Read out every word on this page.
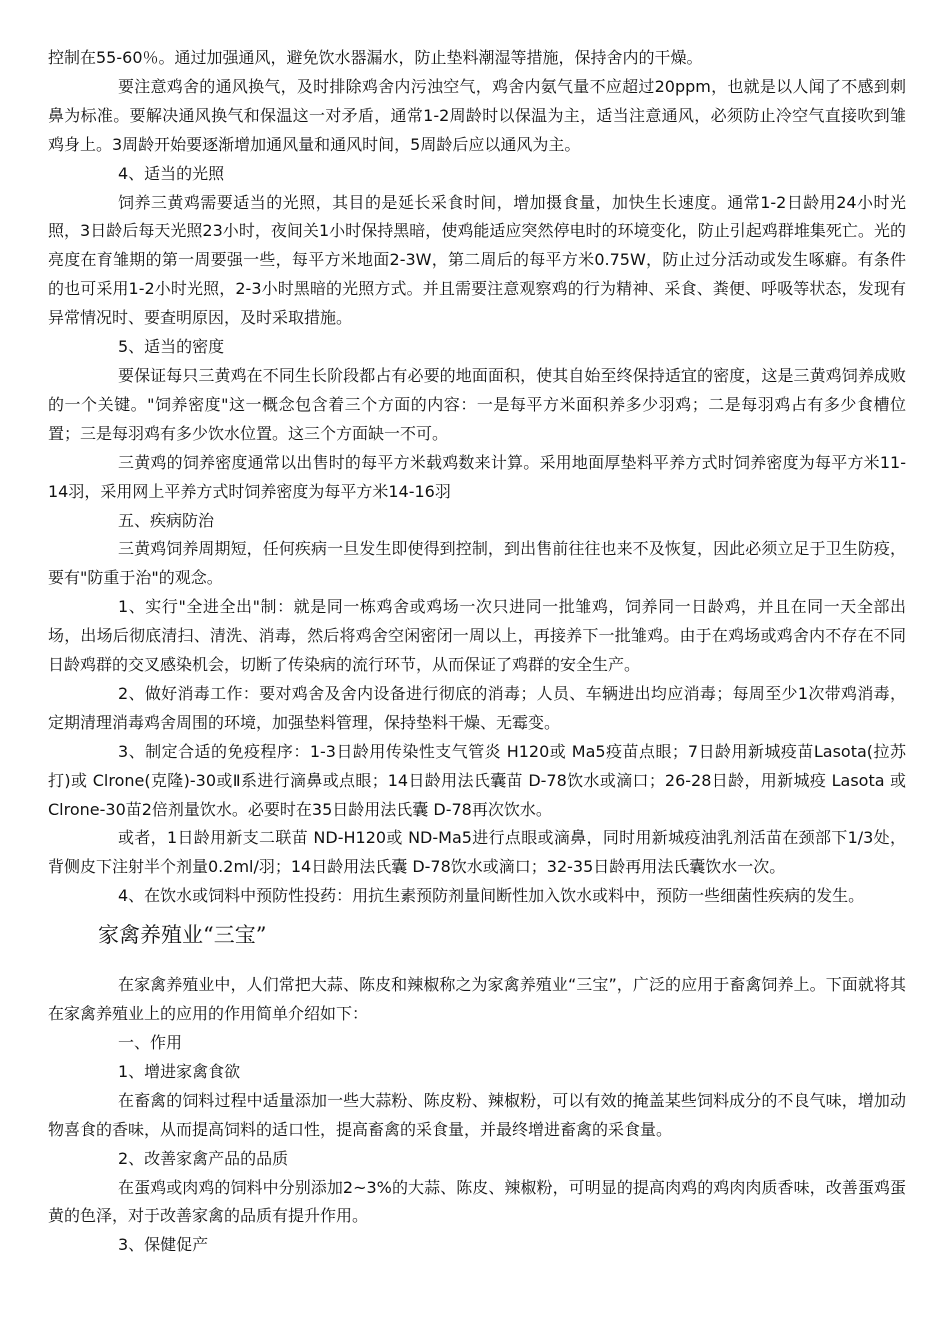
控制在55-60％。通过加强通风，避免饮水器漏水，防止垫料潮湿等措施，保持舍内的干燥。

要注意鸡舍的通风换气，及时排除鸡舍内污浊空气，鸡舍内氨气量不应超过20ppm，也就是以人闻了不感到刺鼻为标准。要解决通风换气和保温这一对矛盾，通常1-2周龄时以保温为主，适当注意通风，必须防止冷空气直接吹到雏鸡身上。3周龄开始要逐渐增加通风量和通风时间，5周龄后应以通风为主。

4、适当的光照

饲养三黄鸡需要适当的光照，其目的是延长采食时间，增加摄食量，加快生长速度。通常1-2日龄用24小时光照，3日龄后每天光照23小时，夜间关1小时保持黑暗，使鸡能适应突然停电时的环境变化，防止引起鸡群堆集死亡。光的亮度在育雏期的第一周要强一些，每平方米地面2-3W，第二周后的每平方米0.75W，防止过分活动或发生啄癖。有条件的也可采用1-2小时光照，2-3小时黑暗的光照方式。并且需要注意观察鸡的行为精神、采食、粪便、呼吸等状态，发现有异常情况时、要查明原因，及时采取措施。

5、适当的密度

要保证每只三黄鸡在不同生长阶段都占有必要的地面面积，使其自始至终保持适宜的密度，这是三黄鸡饲养成败的一个关键。"饲养密度"这一概念包含着三个方面的内容：一是每平方米面积养多少羽鸡；二是每羽鸡占有多少食槽位置；三是每羽鸡有多少饮水位置。这三个方面缺一不可。

三黄鸡的饲养密度通常以出售时的每平方米载鸡数来计算。采用地面厚垫料平养方式时饲养密度为每平方米11-14羽，采用网上平养方式时饲养密度为每平方米14-16羽

五、疾病防治

三黄鸡饲养周期短，任何疾病一旦发生即使得到控制，到出售前往往也来不及恢复，因此必须立足于卫生防疫，要有"防重于治"的观念。

1、实行"全进全出"制：就是同一栋鸡舍或鸡场一次只进同一批雏鸡，饲养同一日龄鸡，并且在同一天全部出场，出场后彻底清扫、清洗、消毒，然后将鸡舍空闲密闭一周以上，再接养下一批雏鸡。由于在鸡场或鸡舍内不存在不同日龄鸡群的交叉感染机会，切断了传染病的流行环节，从而保证了鸡群的安全生产。

2、做好消毒工作：要对鸡舍及舍内设备进行彻底的消毒；人员、车辆进出均应消毒；每周至少1次带鸡消毒，定期清理消毒鸡舍周围的环境，加强垫料管理，保持垫料干燥、无霉变。

3、制定合适的免疫程序：1-3日龄用传染性支气管炎 H120或 Ma5疫苗点眼；7日龄用新城疫苗Lasota(拉苏打)或 Clrone(克隆)-30或Ⅱ系进行滴鼻或点眼；14日龄用法氏囊苗 D-78饮水或滴口；26-28日龄，用新城疫 Lasota 或 Clrone-30苗2倍剂量饮水。必要时在35日龄用法氏囊 D-78再次饮水。

或者，1日龄用新支二联苗 ND-H120或 ND-Ma5进行点眼或滴鼻，同时用新城疫油乳剂活苗在颈部下1/3处，背侧皮下注射半个剂量0.2ml/羽；14日龄用法氏囊 D-78饮水或滴口；32-35日龄再用法氏囊饮水一次。

4、在饮水或饲料中预防性投药：用抗生素预防剂量间断性加入饮水或料中，预防一些细菌性疾病的发生。

家禽养殖业“三宝”

在家禽养殖业中，人们常把大蒜、陈皮和辣椒称之为家禽养殖业“三宝”，广泛的应用于畜禽饲养上。下面就将其在家禽养殖业上的应用的作用简单介绍如下：

一、作用

1、增进家禽食欲

在畜禽的饲料过程中适量添加一些大蒜粉、陈皮粉、辣椒粉，可以有效的掩盖某些饲料成分的不良气味，增加动物喜食的香味，从而提高饲料的适口性，提高畜禽的采食量，并最终增进畜禽的采食量。

2、改善家禽产品的品质

在蛋鸡或肉鸡的饲料中分别添加2~3%的大蒜、陈皮、辣椒粉，可明显的提高肉鸡的鸡肉肉质香味，改善蛋鸡蛋黄的色泽，对于改善家禽的品质有提升作用。

3、保健促产
